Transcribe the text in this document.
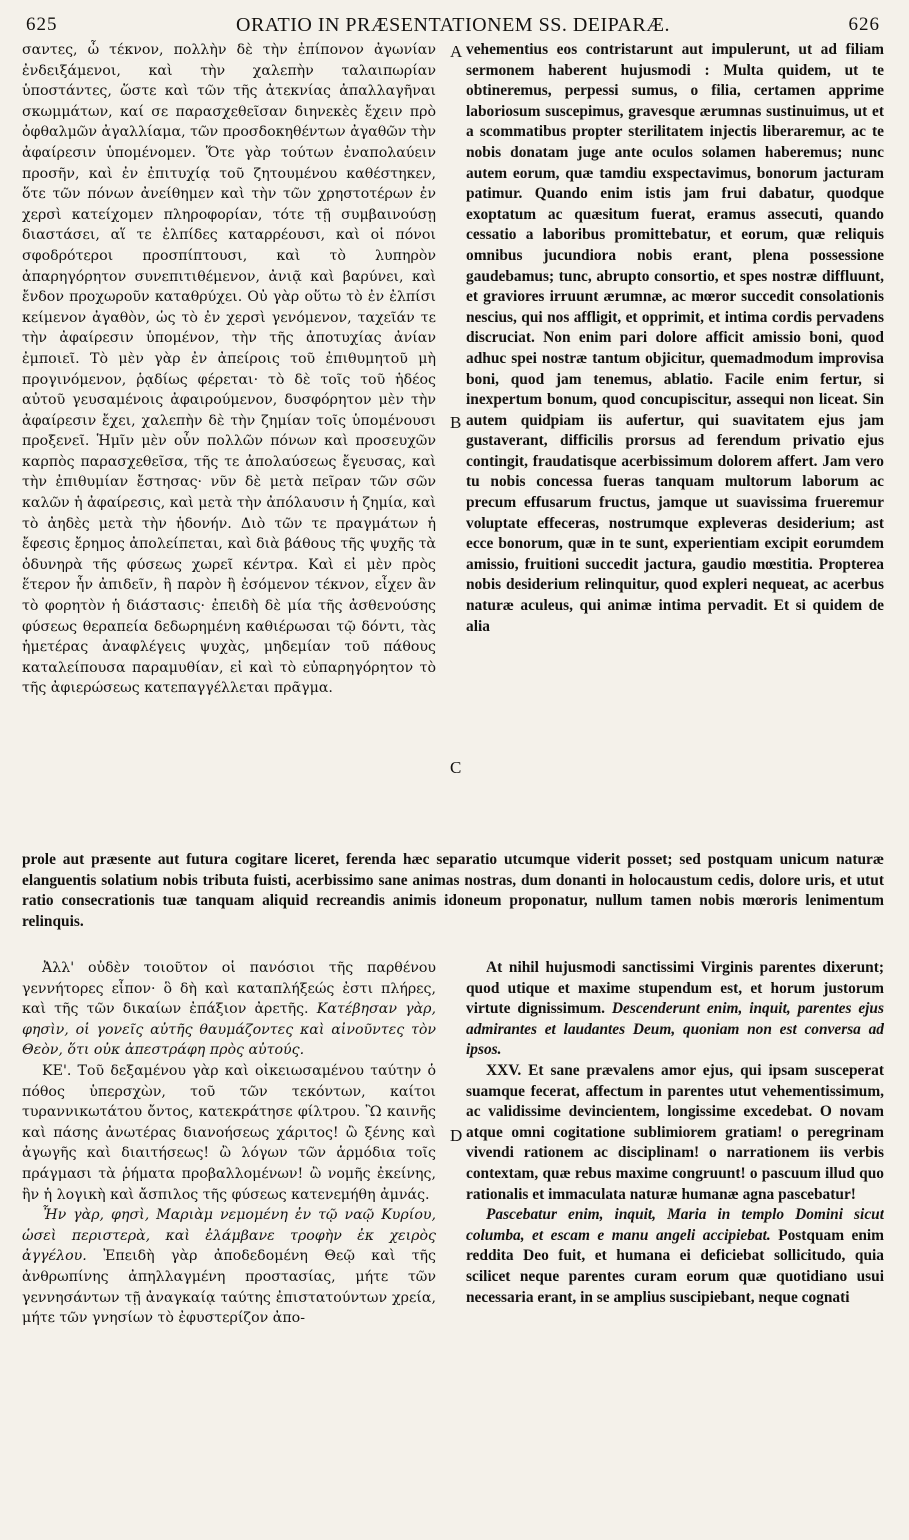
625	ORATIO IN PRÆSENTATIONEM SS. DEIPARÆ.	626

σαντες, ὦ τέκνον, πολλὴν δὲ τὴν ἐπίπονον ἀγωνίαν ἐνδειξάμενοι, καὶ τὴν χαλεπὴν ταλαιπωρίαν ὑποστάντες, ὥστε καὶ τῶν τῆς ἀτεκνίας ἀπαλλαγῆναι σκωμμάτων, καί σε παρασχεθεῖσαν διηνεκὲς ἔχειν πρὸ ὀφθαλμῶν ἀγαλλίαμα, τῶν προσδοκηθέντων ἀγαθῶν τὴν ἀφαίρεσιν ὑπομένομεν. Ὅτε γὰρ τούτων ἐναπολαύειν προσῆν, καὶ ἐν ἐπιτυχίᾳ τοῦ ζητουμένου καθέστηκεν, ὅτε τῶν πόνων ἀνείθημεν καὶ τὴν τῶν χρηστοτέρων ἐν χερσὶ κατείχομεν πληροφορίαν, τότε τῇ συμβαινούσῃ διαστάσει, αἵ τε ἐλπίδες καταρρέουσι, καὶ οἱ πόνοι σφοδρότεροι προσπίπτουσι, καὶ τὸ λυπηρὸν ἀπαρηγόρητον συνεπιτιθέμενον, ἀνιᾷ καὶ βαρύνει, καὶ ἔνδον προχωροῦν καταθρύχει. Οὐ γὰρ οὕτω τὸ ἐν ἐλπίσι κείμενον ἀγαθὸν, ὡς τὸ ἐν χερσὶ γενόμενον, ταχεῖάν τε τὴν ἀφαίρεσιν ὑπομένον, τὴν τῆς ἀποτυχίας ἀνίαν ἐμποιεῖ. Τὸ μὲν γὰρ ἐν ἀπείροις τοῦ ἐπιθυμητοῦ μὴ προγινόμενον, ῥᾳδίως φέρεται· τὸ δὲ τοῖς τοῦ ἡδέος αὐτοῦ γευσαμένοις ἀφαιρούμενον, δυσφόρητον μὲν τὴν ἀφαίρεσιν ἔχει, χαλεπὴν δὲ τὴν ζημίαν τοῖς ὑπομένουσι προξενεῖ. Ἡμῖν μὲν οὖν πολλῶν πόνων καὶ προσευχῶν καρπὸς παρασχεθεῖσα, τῆς τε ἀπολαύσεως ἔγευσας, καὶ τὴν ἐπιθυμίαν ἔστησας· νῦν δὲ μετὰ πεῖραν τῶν σῶν καλῶν ἡ ἀφαίρεσις, καὶ μετὰ τὴν ἀπόλαυσιν ἡ ζημία, καὶ τὸ ἀηδὲς μετὰ τὴν ἡδονήν. Διὸ τῶν τε πραγμάτων ἡ ἔφεσις ἔρημος ἀπολείπεται, καὶ διὰ βάθους τῆς ψυχῆς τὰ ὀδυνηρὰ τῆς φύσεως χωρεῖ κέντρα. Καὶ εἰ μὲν πρὸς ἕτερον ἦν ἀπιδεῖν, ἢ παρὸν ἢ ἐσόμενον τέκνον, εἶχεν ἂν τὸ φορητὸν ἡ διάστασις· ἐπειδὴ δὲ μία τῆς ἀσθενούσης φύσεως θεραπεία δεδωρημένη καθιέρωσαι τῷ δόντι, τὰς ἡμετέρας ἀναφλέγεις ψυχὰς, μηδεμίαν τοῦ πάθους καταλείπουσα παραμυθίαν, εἰ καὶ τὸ εὐπαρηγόρητον τὸ τῆς ἀφιερώσεως κατεπαγγέλλεται πρᾶγμα.

vehementius eos contristarunt aut impulerunt, ut ad filiam sermonem haberent hujusmodi : Multa quidem, ut te obtineremus, perpessi sumus, o filia, certamen apprime laboriosum suscepimus, gravesque ærumnas sustinuimus, ut et a scommatibus propter sterilitatem injectis liberaremur, ac te nobis donatam juge ante oculos solamen haberemus; nunc autem eorum, quæ tamdiu exspectavimus, bonorum jacturam patimur. Quando enim istis jam frui dabatur, quodque exoptatum ac quæsitum fuerat, eramus assecuti, quando cessatio a laboribus promittebatur, et eorum, quæ reliquis omnibus jucundiora nobis erant, plena possessione gaudebamus; tunc, abrupto consortio, et spes nostræ diffluunt, et graviores irruunt ærumnæ, ac mœror succedit consolationis nescius, qui nos affligit, et opprimit, et intima cordis pervadens discruciat. Non enim pari dolore afficit amissio boni, quod adhuc spei nostræ tantum objicitur, quemadmodum improvisa boni, quod jam tenemus, ablatio. Facile enim fertur, si inexpertum bonum, quod concupiscitur, assequi non liceat. Sin autem quidpiam iis aufertur, qui suavitatem ejus jam gustaverant, difficilis prorsus ad ferendum privatio ejus contingit, fraudatisque acerbissimum dolorem affert. Jam vero tu nobis concessa fueras tanquam multorum laborum ac precum effusarum fructus, jamque ut suavissima frueremur voluptate effeceras, nostrumque expleveras desiderium; ast ecce bonorum, quæ in te sunt, experientiam excipit eorumdem amissio, fruitioni succedit jactura, gaudio mœstitia. Propterea nobis desiderium relinquitur, quod expleri nequeat, ac acerbus naturæ aculeus, qui animæ intima pervadit. Et si quidem de alia

A
B
C
prole aut præsente aut futura cogitare liceret, ferenda hæc separatio utcumque viderit posset; sed postquam unicum naturæ elanguentis solatium nobis tributa fuisti, acerbissimo sane animas nostras, dum donanti in holocaustum cedis, dolore uris, et utut ratio consecrationis tuæ tanquam aliquid recreandis animis idoneum proponatur, nullum tamen nobis mœroris lenimentum relinquis.

Ἀλλ' οὐδὲν τοιοῦτον οἱ πανόσιοι τῆς παρθένου γεννήτορες εἶπον· ὃ δὴ καὶ καταπλήξεώς ἐστι πλήρες, καὶ τῆς τῶν δικαίων ἐπάξιον ἀρετῆς. Κατέβησαν γὰρ, φησὶν, οἱ γονεῖς αὐτῆς θαυμάζοντες καὶ αἰνοῦντες τὸν Θεὸν, ὅτι οὐκ ἀπεστράφη πρὸς αὐτούς.

ΚΕ'. Τοῦ δεξαμένου γὰρ καὶ οἰκειωσαμένου ταύτην ὁ πόθος ὑπερσχὼν, τοῦ τῶν τεκόντων, καίτοι τυραννικωτάτου ὄντος, κατεκράτησε φίλτρου. Ὢ καινῆς καὶ πάσης ἀνωτέρας διανοήσεως χάριτος! ὢ ξένης καὶ ἀγωγῆς καὶ διαιτήσεως! ὢ λόγων τῶν ἁρμόδια τοῖς πράγμασι τὰ ῥήματα προβαλλομένων! ὢ νομῆς ἐκείνης, ἣν ἡ λογικὴ καὶ ἄσπιλος τῆς φύσεως κατενεμήθη ἀμνάς.

Ἦν γὰρ, φησὶ, Μαριὰμ νεμομένη ἐν τῷ ναῷ Κυρίου, ὡσεὶ περιστερὰ, καὶ ἐλάμβανε τροφὴν ἐκ χειρὸς ἀγγέλου. Ἐπειδὴ γὰρ ἀποδεδομένη Θεῷ καὶ τῆς ἀνθρωπίνης ἀπηλλαγμένη προστασίας, μήτε τῶν γεννησάντων τῇ ἀναγκαίᾳ ταύτης ἐπιστατούντων χρεία, μήτε τῶν γνησίων τὸ ἐφυστερίζον ἀπο-

At nihil hujusmodi sanctissimi Virginis parentes dixerunt; quod utique et maxime stupendum est, et horum justorum virtute dignissimum. Descenderunt enim, inquit, parentes ejus admirantes et laudantes Deum, quoniam non est conversa ad ipsos.

XXV. Et sane prævalens amor ejus, qui ipsam susceperat suamque fecerat, affectum in parentes utut vehementissimum, ac validissime devincientem, longissime excedebat. O novam atque omni cogitatione sublimiorem gratiam! o peregrinam vivendi rationem ac disciplinam! o narrationem iis verbis contextam, quæ rebus maxime congruunt! o pascuum illud quo rationalis et immaculata naturæ humanæ agna pascebatur!

Pascebatur enim, inquit, Maria in templo Domini sicut columba, et escam e manu angeli accipiebat. Postquam enim reddita Deo fuit, et humana ei deficiebat sollicitudo, quia scilicet neque parentes curam eorum quæ quotidiano usui necessaria erant, in se amplius suscipiebant, neque cognati

D
